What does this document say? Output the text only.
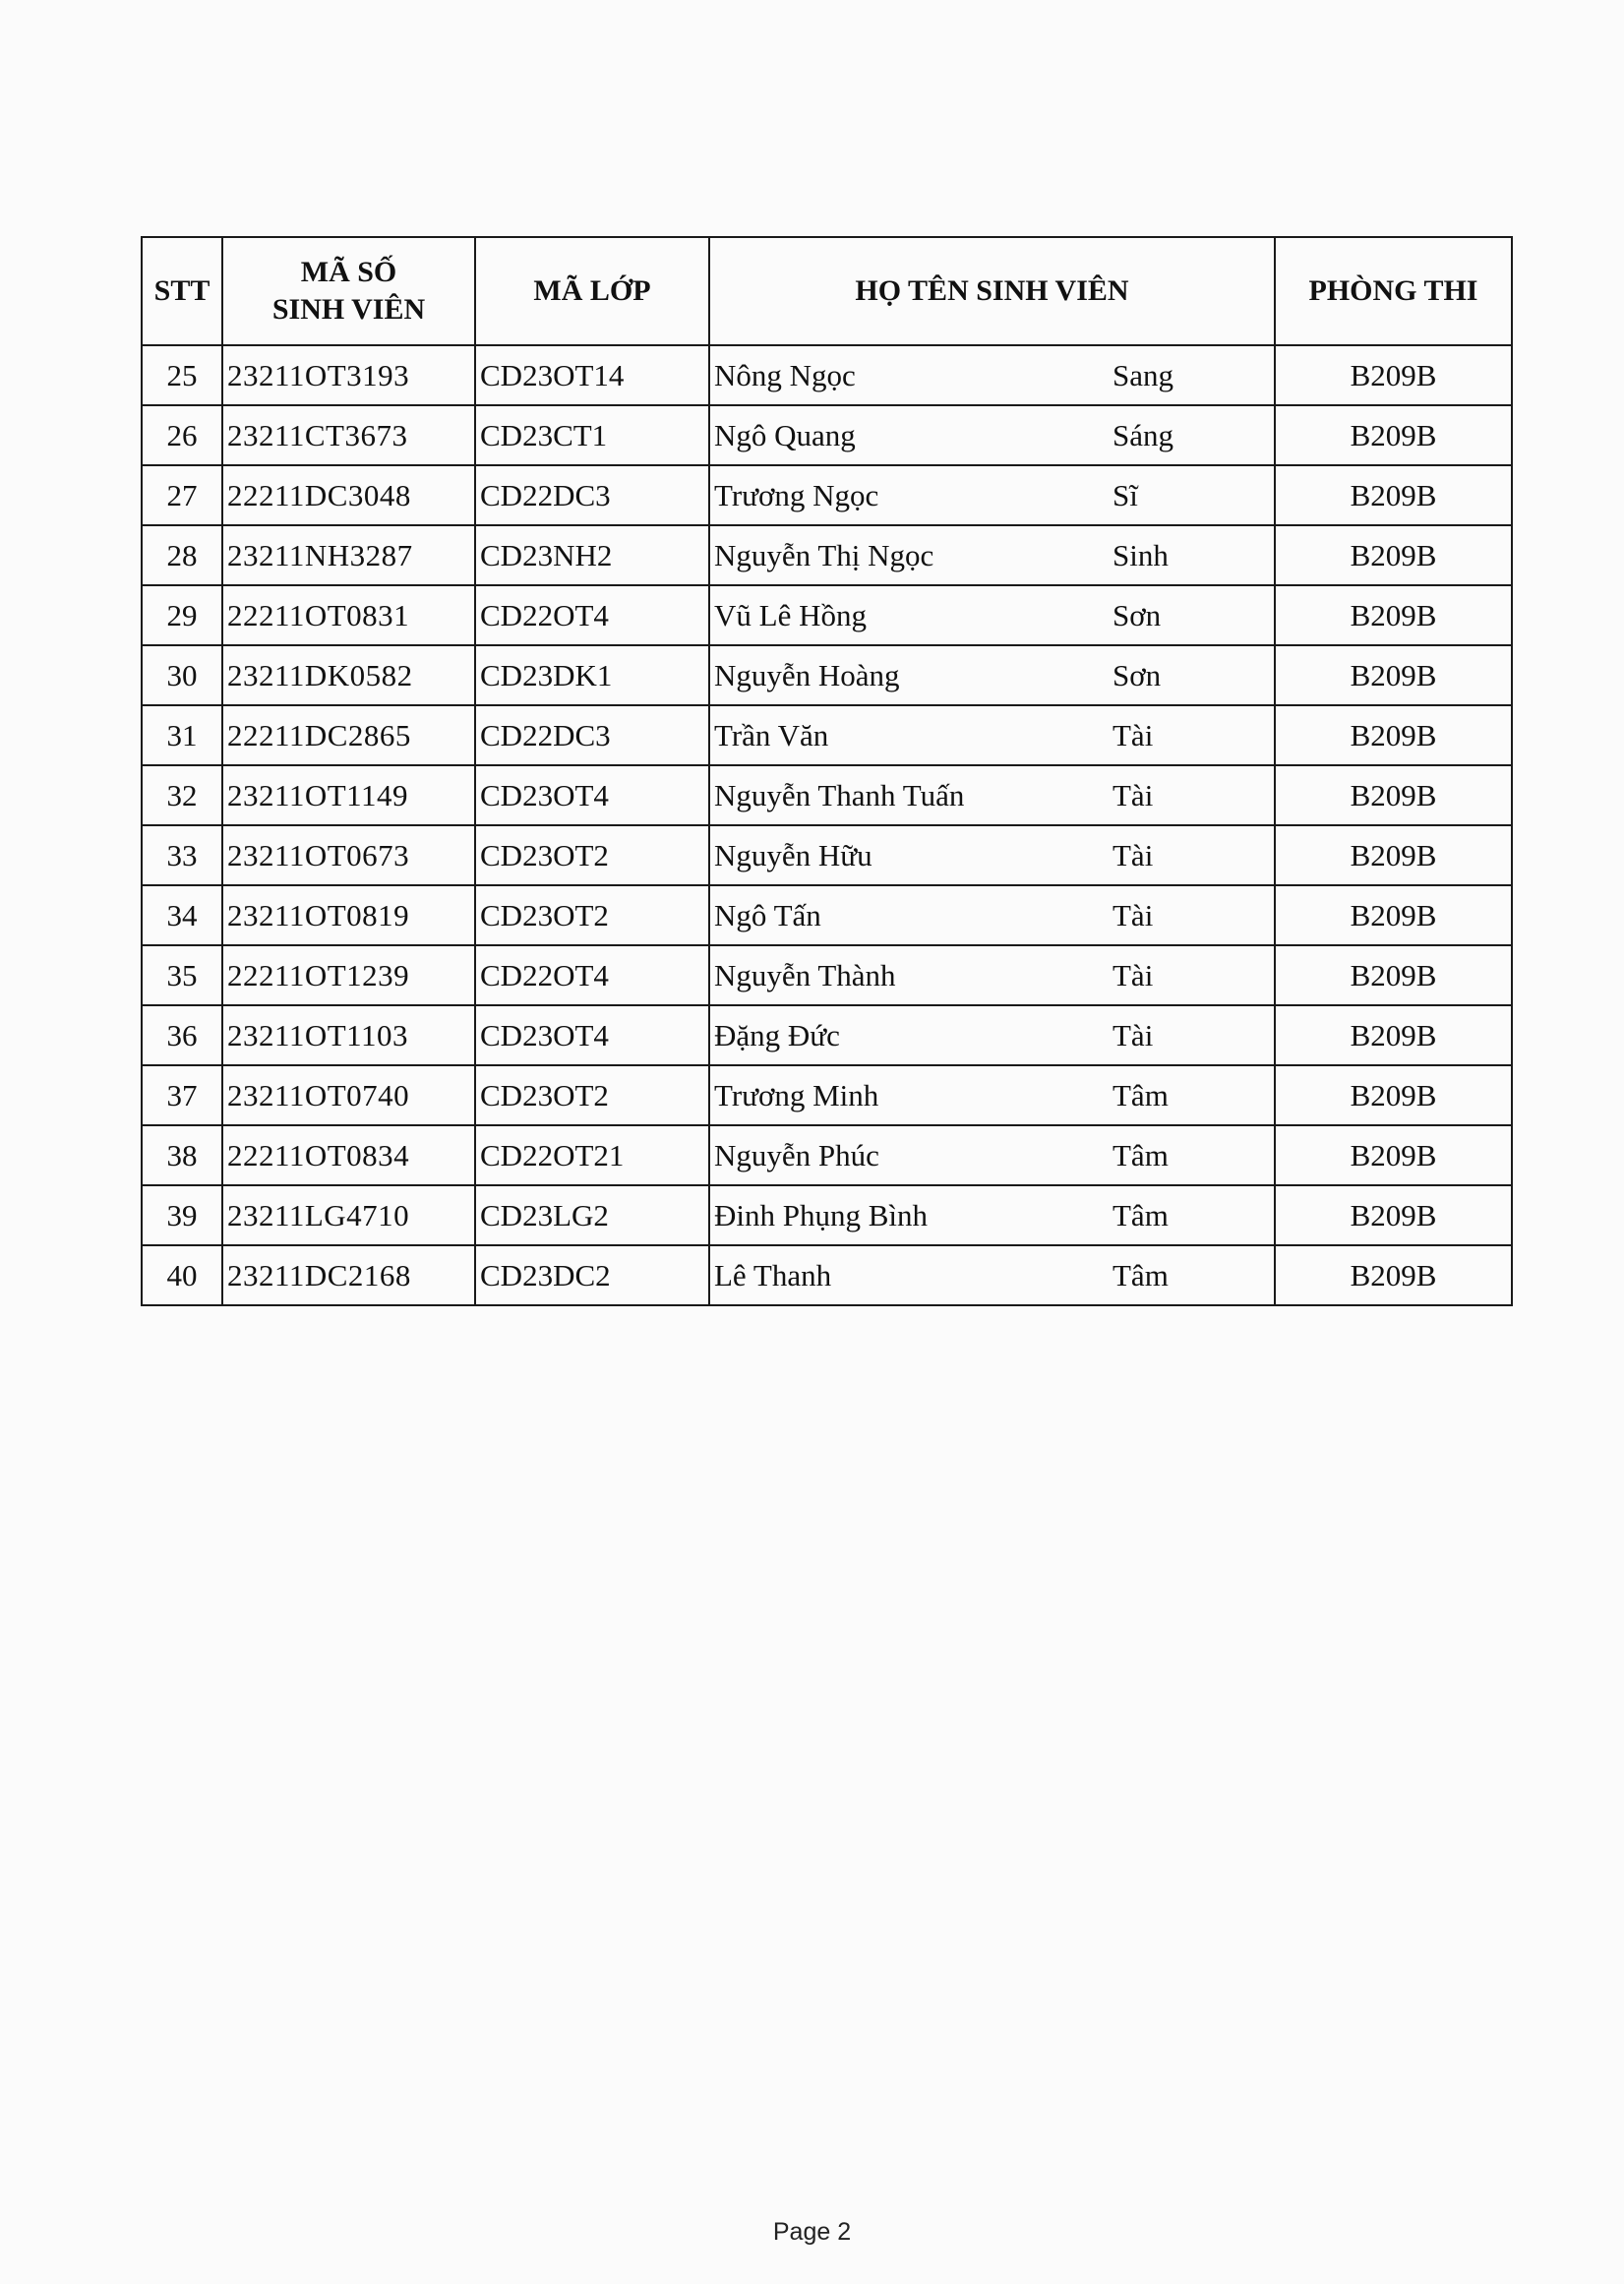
STT	MÃ SỐ
SINH VIÊN	MÃ LỚP	HỌ TÊN SINH VIÊN	PHÒNG THI
25	23211OT3193	CD23OT14	Nông Ngọc Sang	B209B
26	23211CT3673	CD23CT1	Ngô Quang Sáng	B209B
27	22211DC3048	CD22DC3	Trương Ngọc Sĩ	B209B
28	23211NH3287	CD23NH2	Nguyễn Thị Ngọc Sinh	B209B
29	22211OT0831	CD22OT4	Vũ Lê Hồng Sơn	B209B
30	23211DK0582	CD23DK1	Nguyễn Hoàng Sơn	B209B
31	22211DC2865	CD22DC3	Trần Văn Tài	B209B
32	23211OT1149	CD23OT4	Nguyễn Thanh Tuấn Tài	B209B
33	23211OT0673	CD23OT2	Nguyễn Hữu Tài	B209B
34	23211OT0819	CD23OT2	Ngô Tấn Tài	B209B
35	22211OT1239	CD22OT4	Nguyễn Thành Tài	B209B
36	23211OT1103	CD23OT4	Đặng Đức Tài	B209B
37	23211OT0740	CD23OT2	Trương Minh Tâm	B209B
38	22211OT0834	CD22OT21	Nguyễn Phúc Tâm	B209B
39	23211LG4710	CD23LG2	Đinh Phụng Bình Tâm	B209B
40	23211DC2168	CD23DC2	Lê Thanh Tâm	B209B
Page 2
